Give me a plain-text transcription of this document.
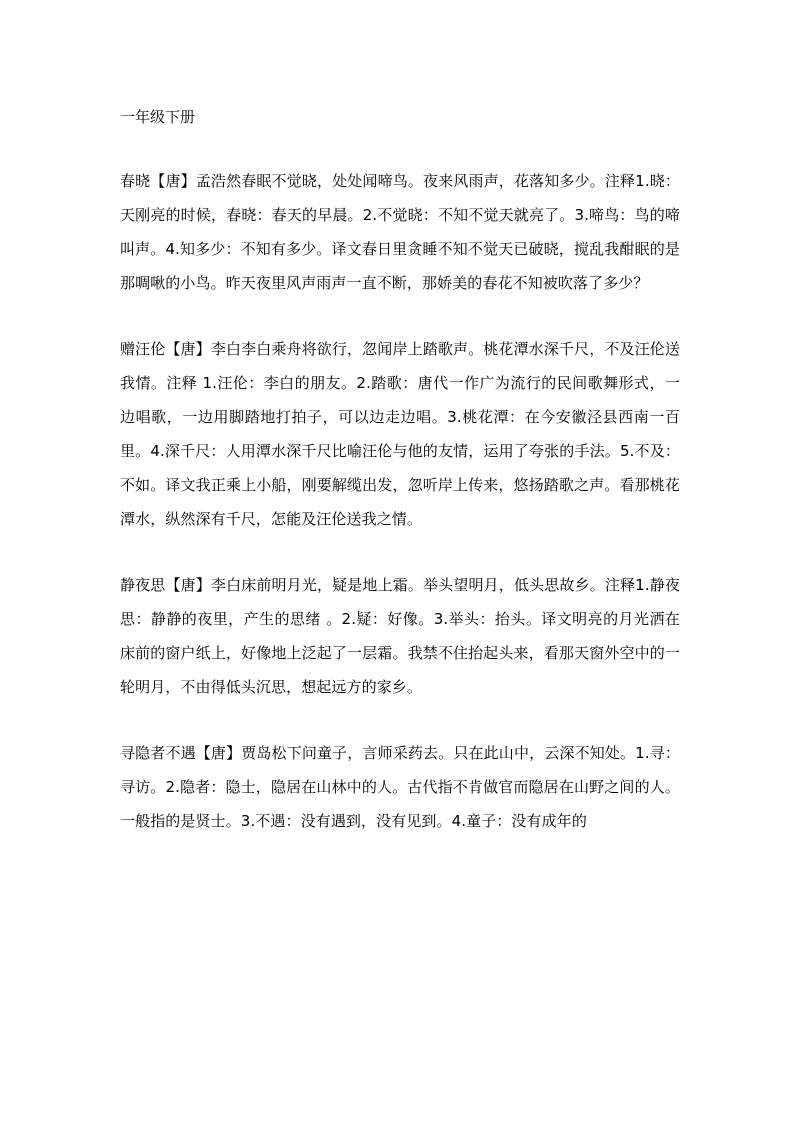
一年级下册

春晓【唐】孟浩然春眠不觉晓，处处闻啼鸟。夜来风雨声，花落知多少。注释1.晓：天刚亮的时候，春晓：春天的早晨。2.不觉晓：不知不觉天就亮了。3.啼鸟：鸟的啼叫声。4.知多少：不知有多少。译文春日里贪睡不知不觉天已破晓，搅乱我酣眠的是那啁啾的小鸟。昨天夜里风声雨声一直不断，那娇美的春花不知被吹落了多少？

赠汪伦【唐】李白李白乘舟将欲行，忽闻岸上踏歌声。桃花潭水深千尺，不及汪伦送我情。注释 1.汪伦：李白的朋友。2.踏歌：唐代一作广为流行的民间歌舞形式，一边唱歌，一边用脚踏地打拍子，可以边走边唱。3.桃花潭：在今安徽泾县西南一百里。4.深千尺：人用潭水深千尺比喻汪伦与他的友情，运用了夸张的手法。5.不及：不如。译文我正乘上小船，刚要解缆出发，忽听岸上传来，悠扬踏歌之声。看那桃花潭水，纵然深有千尺，怎能及汪伦送我之情。

静夜思【唐】李白床前明月光，疑是地上霜。举头望明月，低头思故乡。注释1.静夜思：静静的夜里，产生的思绪 。2.疑：好像。3.举头：抬头。译文明亮的月光洒在床前的窗户纸上，好像地上泛起了一层霜。我禁不住抬起头来，看那天窗外空中的一轮明月，不由得低头沉思，想起远方的家乡。

寻隐者不遇【唐】贾岛松下问童子，言师采药去。只在此山中，云深不知处。1.寻：寻访。2.隐者：隐士，隐居在山林中的人。古代指不肯做官而隐居在山野之间的人。一般指的是贤士。3.不遇：没有遇到，没有见到。4.童子：没有成年的
